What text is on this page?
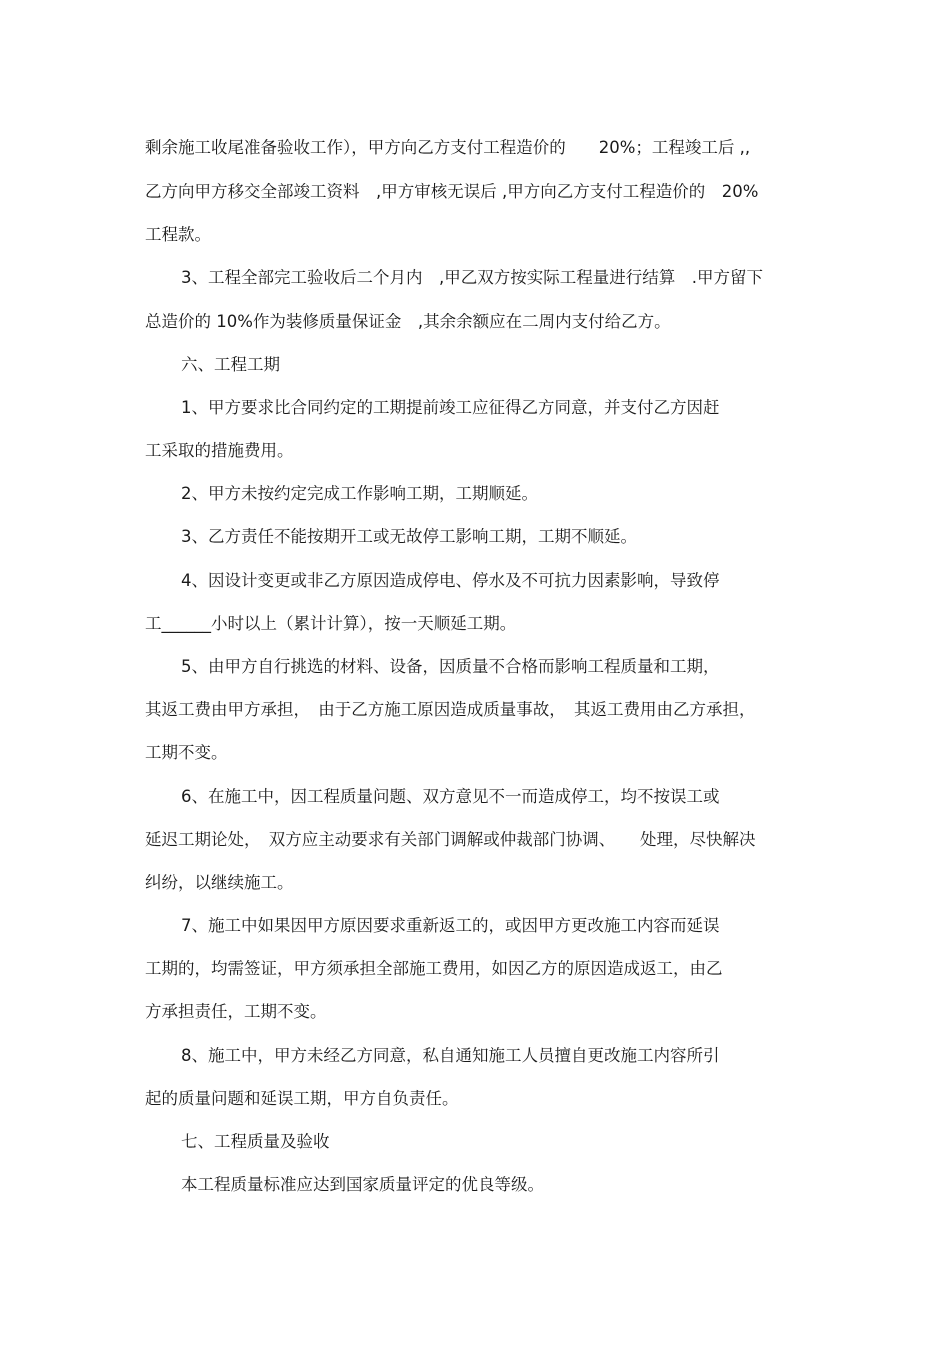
剩余施工收尾准备验收工作），甲方向乙方支付工程造价的　　20%；工程竣工后 ,,
乙方向甲方移交全部竣工资料　,甲方审核无误后 ,甲方向乙方支付工程造价的　20%
工程款。
3、工程全部完工验收后二个月内　,甲乙双方按实际工程量进行结算　.甲方留下
总造价的 10%作为装修质量保证金　,其余余额应在二周内支付给乙方。
六、工程工期
1、甲方要求比合同约定的工期提前竣工应征得乙方同意，并支付乙方因赶
工采取的措施费用。
2、甲方未按约定完成工作影响工期，工期顺延。
3、乙方责任不能按期开工或无故停工影响工期，工期不顺延。
4、因设计变更或非乙方原因造成停电、停水及不可抗力因素影响，导致停
工______小时以上（累计计算），按一天顺延工期。
5、由甲方自行挑选的材料、设备，因质量不合格而影响工程质量和工期，
其返工费由甲方承担，　由于乙方施工原因造成质量事故，　其返工费用由乙方承担，
工期不变。
6、在施工中，因工程质量问题、双方意见不一而造成停工，均不按误工或
延迟工期论处，　双方应主动要求有关部门调解或仲裁部门协调、　　处理，尽快解决
纠纷，以继续施工。
7、施工中如果因甲方原因要求重新返工的，或因甲方更改施工内容而延误
工期的，均需签证，甲方须承担全部施工费用，如因乙方的原因造成返工，由乙
方承担责任，工期不变。
8、施工中，甲方未经乙方同意，私自通知施工人员擅自更改施工内容所引
起的质量问题和延误工期，甲方自负责任。
七、工程质量及验收
本工程质量标准应达到国家质量评定的优良等级。
